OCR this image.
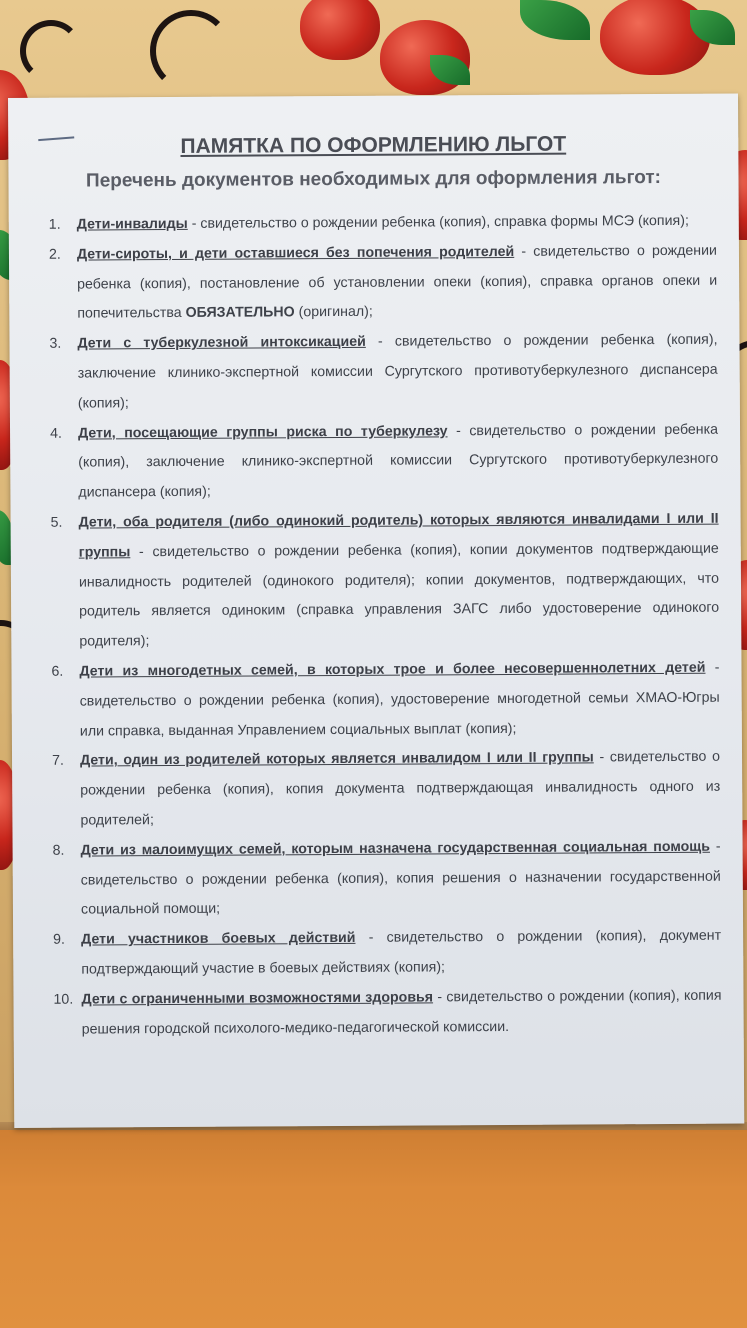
ПАМЯТКА ПО ОФОРМЛЕНИЮ ЛЬГОТ
Перечень документов необходимых для оформления льгот:
1.	Дети-инвалиды - свидетельство о рождении ребенка (копия), справка формы МСЭ (копия);
2.	Дети-сироты, и дети оставшиеся без попечения родителей - свидетельство о рождении ребенка (копия), постановление об установлении опеки (копия), справка органов опеки и попечительства ОБЯЗАТЕЛЬНО (оригинал);
3.	Дети с туберкулезной интоксикацией - свидетельство о рождении ребенка (копия), заключение клинико-экспертной комиссии Сургутского противотуберкулезного диспансера (копия);
4.	Дети, посещающие группы риска по туберкулезу - свидетельство о рождении ребенка (копия), заключение клинико-экспертной комиссии Сургутского противотуберкулезного диспансера (копия);
5.	Дети, оба родителя (либо одинокий родитель) которых являются инвалидами I или II группы - свидетельство о рождении ребенка (копия), копии документов подтверждающие инвалидность родителей (одинокого родителя); копии документов, подтверждающих, что родитель является одиноким (справка управления ЗАГС либо удостоверение одинокого родителя);
6.	Дети из многодетных семей, в которых трое и более несовершеннолетних детей - свидетельство о рождении ребенка (копия), удостоверение многодетной семьи ХМАО-Югры или справка, выданная Управлением социальных выплат (копия);
7.	Дети, один из родителей которых является инвалидом I или II группы - свидетельство о рождении ребенка (копия), копия документа подтверждающая инвалидность одного из родителей;
8.	Дети из малоимущих семей, которым назначена государственная социальная помощь - свидетельство о рождении ребенка (копия), копия решения о назначении государственной социальной помощи;
9.	Дети участников боевых действий - свидетельство о рождении (копия), документ подтверждающий участие в боевых действиях (копия);
10. Дети с ограниченными возможностями здоровья - свидетельство о рождении (копия), копия решения городской психолого-медико-педагогической комиссии.
